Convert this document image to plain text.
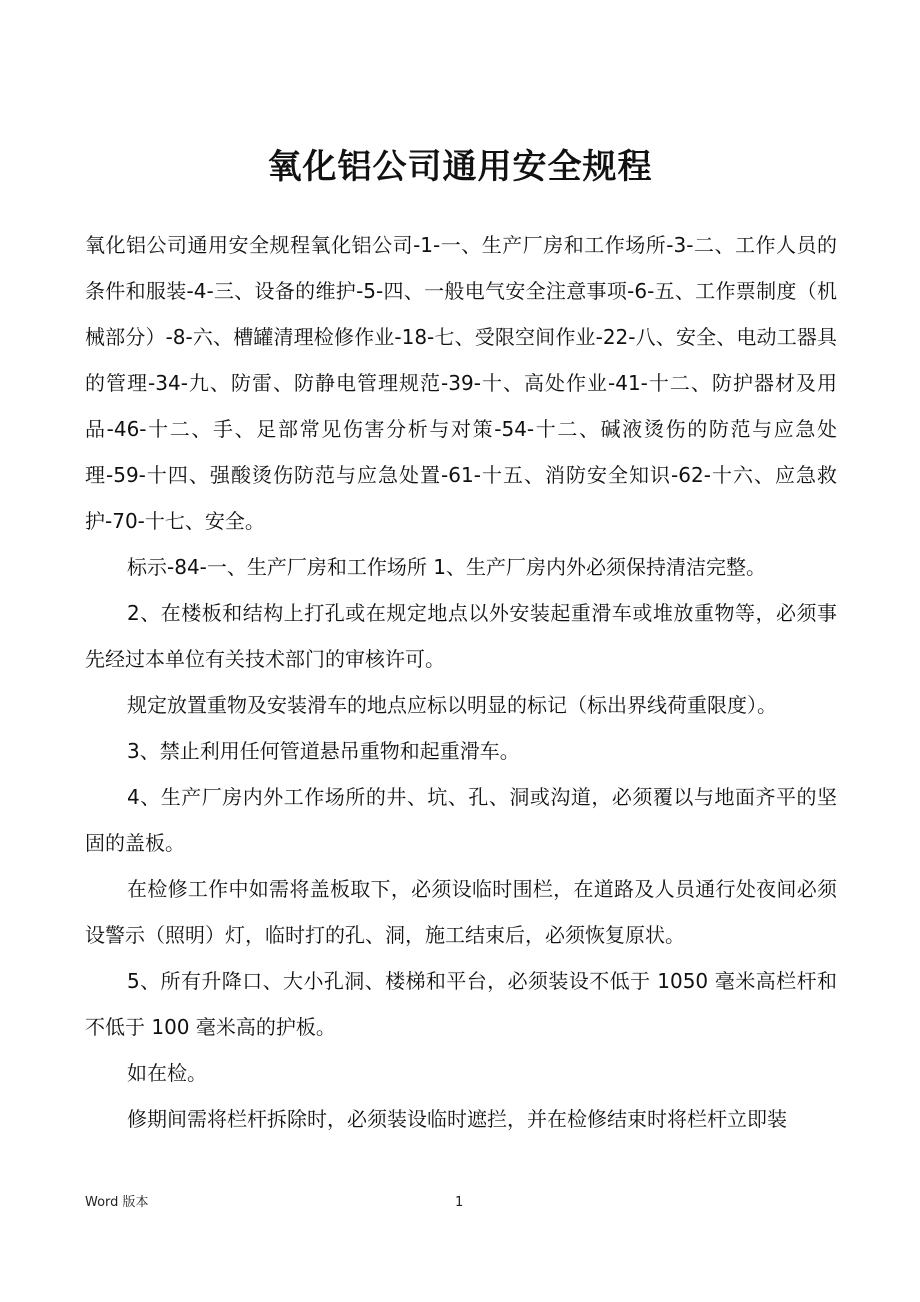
氧化铝公司通用安全规程

氧化铝公司通用安全规程氧化铝公司-1-一、生产厂房和工作场所-3-二、工作人员的条件和服装-4-三、设备的维护-5-四、一般电气安全注意事项-6-五、工作票制度（机械部分）-8-六、槽罐清理检修作业-18-七、受限空间作业-22-八、安全、电动工器具的管理-34-九、防雷、防静电管理规范-39-十、高处作业-41-十二、防护器材及用品-46-十二、手、足部常见伤害分析与对策-54-十二、碱液烫伤的防范与应急处理-59-十四、强酸烫伤防范与应急处置-61-十五、消防安全知识-62-十六、应急救护-70-十七、安全。

标示-84-一、生产厂房和工作场所 1、生产厂房内外必须保持清洁完整。

2、在楼板和结构上打孔或在规定地点以外安装起重滑车或堆放重物等，必须事先经过本单位有关技术部门的审核许可。

规定放置重物及安装滑车的地点应标以明显的标记（标出界线荷重限度）。

3、禁止利用任何管道悬吊重物和起重滑车。

4、生产厂房内外工作场所的井、坑、孔、洞或沟道，必须覆以与地面齐平的坚固的盖板。

在检修工作中如需将盖板取下，必须设临时围栏，在道路及人员通行处夜间必须设警示（照明）灯，临时打的孔、洞，施工结束后，必须恢复原状。

5、所有升降口、大小孔洞、楼梯和平台，必须装设不低于 1050 毫米高栏杆和不低于 100 毫米高的护板。

如在检。

修期间需将栏杆拆除时，必须装设临时遮拦，并在检修结束时将栏杆立即装

Word 版本	1
